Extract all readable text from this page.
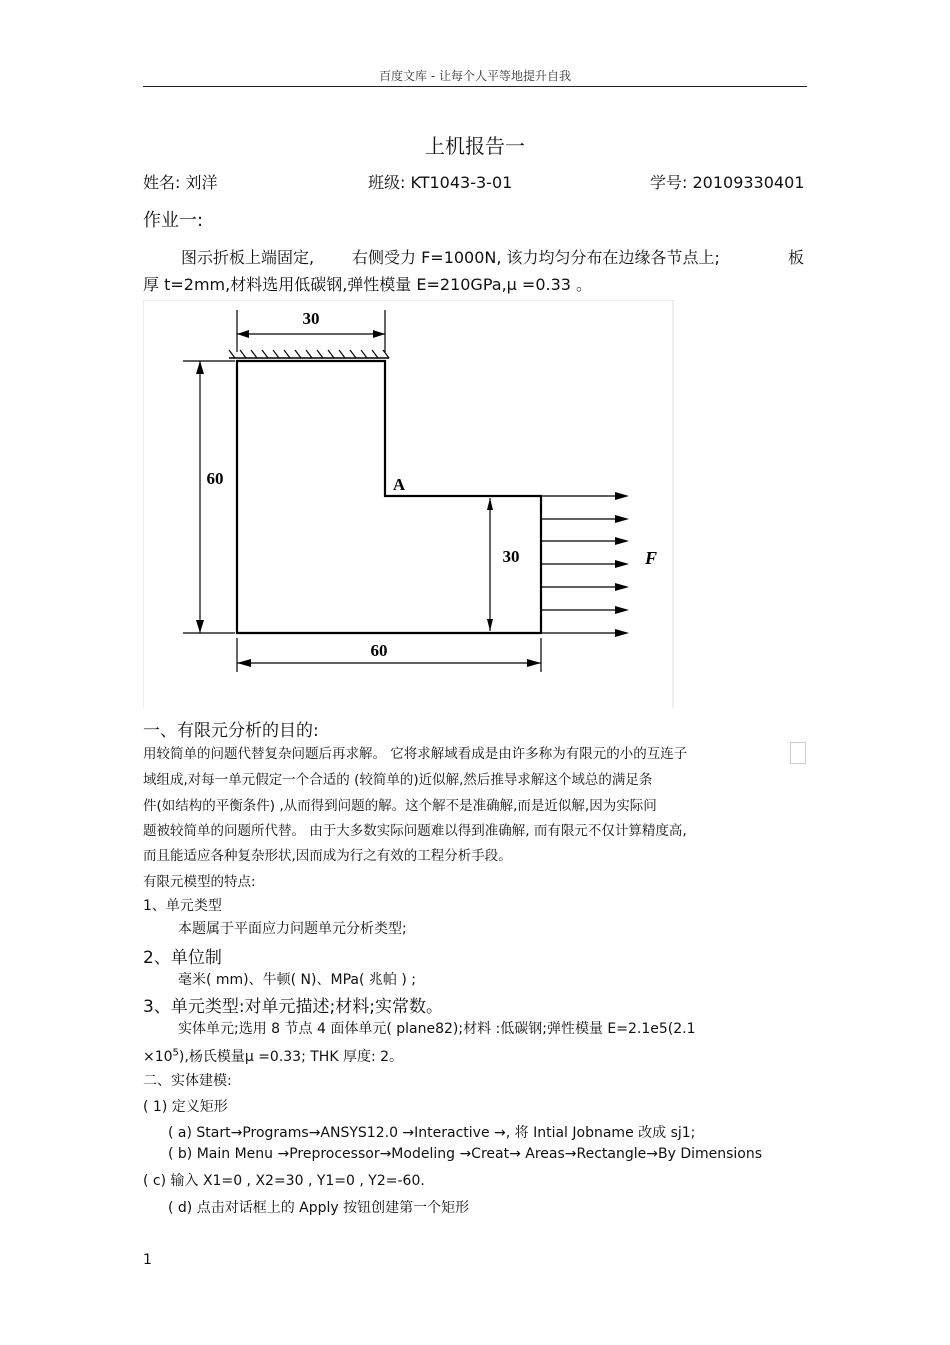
百度文库 - 让每个人平等地提升自我
上机报告一
姓名: 刘洋	班级: KT1043-3-01	学号: 20109330401
作业一:
图示折板上端固定, 右侧受力 F=1000N, 该力均匀分布在边缘各节点上;	板
厚 t=2mm,材料选用低碳钢,弹性模量 E=210GPa,μ =0.33 。
30
60	A
30
60
F
一、有限元分析的目的:
用较简单的问题代替复杂问题后再求解。 它将求解域看成是由许多称为有限元的小的互连子
域组成,对每一单元假定一个合适的 (较简单的)近似解,然后推导求解这个域总的满足条
件(如结构的平衡条件) ,从而得到问题的解。这个解不是准确解,而是近似解,因为实际问
题被较简单的问题所代替。 由于大多数实际问题难以得到准确解, 而有限元不仅计算精度高,
而且能适应各种复杂形状,因而成为行之有效的工程分析手段。
有限元模型的特点:
1、单元类型
本题属于平面应力问题单元分析类型;
2、单位制
毫米( mm)、牛顿( N)、MPa( 兆帕 ) ;
3、单元类型:对单元描述;材料;实常数。
实体单元;选用 8 节点 4 面体单元( plane82);材料 :低碳钢;弹性模量 E=2.1e5(2.1
$\times 10^5$),杨氏模量μ =0.33; THK 厚度: 2。
二、实体建模:
( 1) 定义矩形
( a) Start→Programs→ANSYS12.0 →Interactive →, 将 Intial Jobname 改成 sj1;
( b) Main Menu →Preprocessor→Modeling →Creat→ Areas→Rectangle→By Dimensions
( c) 输入 X1=0 , X2=30 , Y1=0 , Y2=-60.
( d) 点击对话框上的 Apply 按钮创建第一个矩形
1
